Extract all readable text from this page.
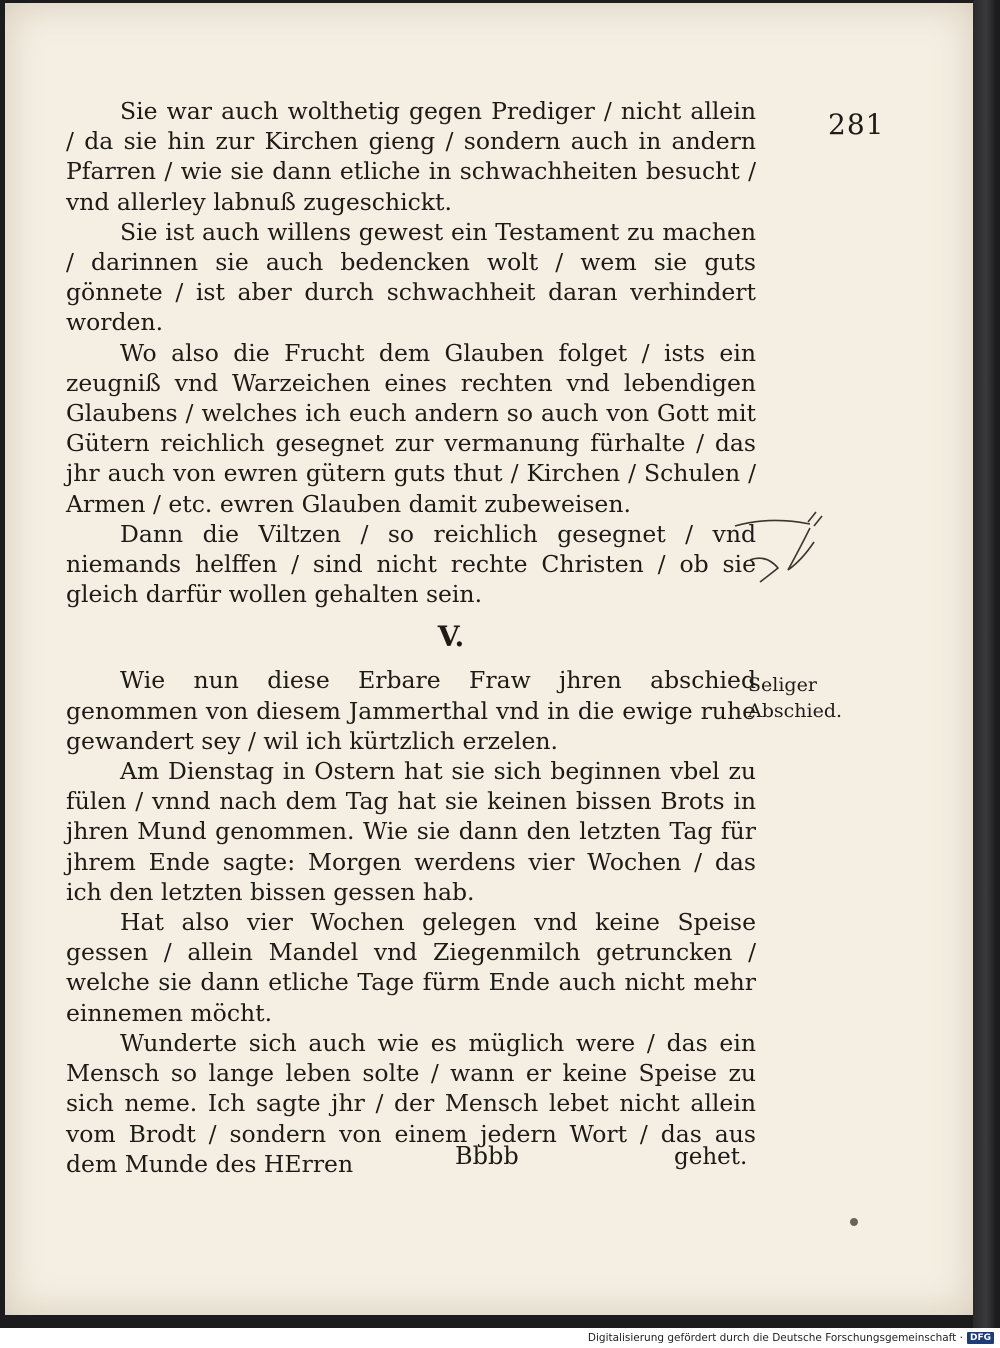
281

Sie war auch wolthetig gegen Prediger / nicht allein / da sie hin zur Kirchen gieng / sondern auch in andern Pfarren / wie sie dann etliche in schwachheiten besucht / vnd allerley labnuß zugeschickt.

Sie ist auch willens gewest ein Testament zu machen / darinnen sie auch bedencken wolt / wem sie guts gönnete / ist aber durch schwachheit daran verhindert worden.

Wo also die Frucht dem Glauben folget / ists ein zeugniß vnd Warzeichen eines rechten vnd lebendigen Glaubens / welches ich euch andern so auch von Gott mit Gütern reichlich gesegnet zur vermanung fürhalte / das jhr auch von ewren gütern guts thut / Kirchen / Schulen / Armen / etc. ewren Glauben damit zubeweisen.

Dann die Viltzen / so reichlich gesegnet / vnd niemands helffen / sind nicht rechte Christen / ob sie gleich darfür wollen gehalten sein.

V.

Wie nun diese Erbare Fraw jhren abschied genommen von diesem Jammerthal vnd in die ewige ruhe gewandert sey / wil ich kürtzlich erzelen.

Am Dienstag in Ostern hat sie sich beginnen vbel zu fülen / vnnd nach dem Tag hat sie keinen bissen Brots in jhren Mund genommen. Wie sie dann den letzten Tag für jhrem Ende sagte: Morgen werdens vier Wochen / das ich den letzten bissen gessen hab.

Hat also vier Wochen gelegen vnd keine Speise gessen / allein Mandel vnd Ziegenmilch getruncken / welche sie dann etliche Tage fürm Ende auch nicht mehr einnemen möcht.

Wunderte sich auch wie es müglich were / das ein Mensch so lange leben solte / wann er keine Speise zu sich neme. Ich sagte jhr / der Mensch lebet nicht allein vom Brodt / sondern von einem jedern Wort / das aus dem Munde des HErren

Seliger Abschied.
Bbbb	gehet.
Digitalisierung gefördert durch die Deutsche Forschungsgemeinschaft · DFG
